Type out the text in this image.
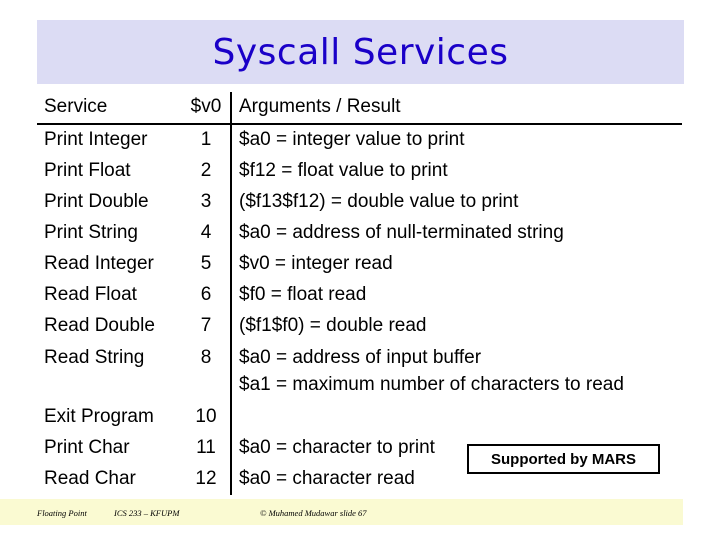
Syscall Services
Service	$v0	Arguments / Result
Print Integer	1	$a0 = integer value to print

Print Float	2	$f12 = float value to print

Print Double	3	($f13$f12) = double value to print

Print String	4	$a0 = address of null-terminated string

Read Integer	5	$v0 = integer read

Read Float	6	$f0 = float read

Read Double	7	($f1$f0) = double read

Read String	8	$a0 = address of input buffer
$a1 = maximum number of characters to read

Exit Program	10	

Print Char	11	$a0 = character to print

Read Char	12	$a0 = character read
Supported by MARS
Floating Point	ICS 233 – KFUPM	© Muhamed Mudawar slide 67
